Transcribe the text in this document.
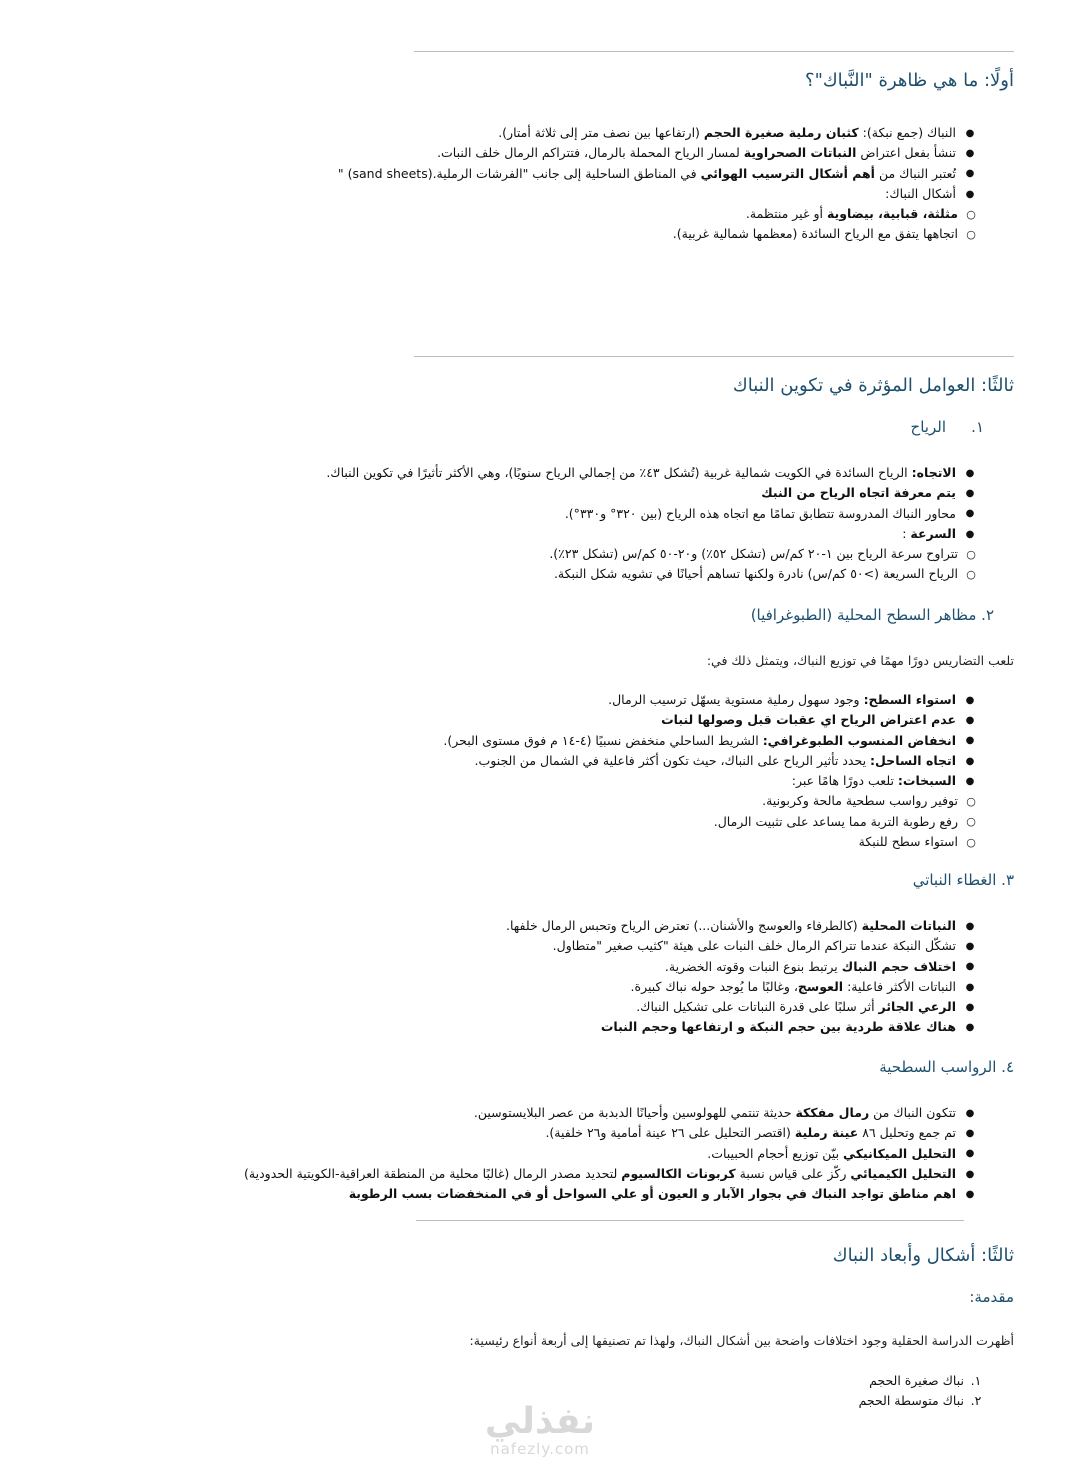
أولًا: ما هي ظاهرة "النَّباك"؟
●النباك (جمع نبكة): كثبان رملية صغيرة الحجم (ارتفاعها بين نصف متر إلى ثلاثة أمتار).
●تنشأ بفعل اعتراض النباتات الصحراوية لمسار الرياح المحملة بالرمال، فتتراكم الرمال خلف النبات.
●تُعتبر النباك من أهم أشكال الترسيب الهوائي في المناطق الساحلية إلى جانب "الفرشات الرملية.(sand sheets) "
●أشكال النباك:
○مثلثة، قبابية، بيضاوية أو غير منتظمة.
○اتجاهها يتفق مع الرياح السائدة (معظمها شمالية غربية).
ثالثًا: العوامل المؤثرة في تكوين النباك
١.الرياح
●الاتجاه: الرياح السائدة في الكويت شمالية غربية (تُشكل ٤٣٪ من إجمالي الرياح سنويًا)، وهي الأكثر تأثيرًا في تكوين النباك.
●يتم معرفة اتجاه الرياح من النبك
●محاور النباك المدروسة تتطابق تمامًا مع اتجاه هذه الرياح (بين ٣٢٠° و٣٣٠°).
●السرعة :
○تتراوح سرعة الرياح بين ١-٢٠ كم/س (تشكل ٥٢٪) و٢٠-٥٠ كم/س (تشكل ٢٣٪).
○الرياح السريعة (>٥٠ كم/س) نادرة ولكنها تساهم أحيانًا في تشويه شكل النبكة.
٢. مظاهر السطح المحلية (الطبوغرافيا)

تلعب التضاريس دورًا مهمًا في توزيع النباك، ويتمثل ذلك في:

●استواء السطح: وجود سهول رملية مستوية يسهّل ترسيب الرمال.
●عدم اعتراض الرياح اي عقبات قبل وصولها لنبات
●انخفاض المنسوب الطبوغرافي: الشريط الساحلي منخفض نسبيًا (٤-١٤ م فوق مستوى البحر).
●اتجاه الساحل: يحدد تأثير الرياح على النباك، حيث تكون أكثر فاعلية في الشمال من الجنوب.
●السبخات: تلعب دورًا هامًا عبر:
○توفير رواسب سطحية مالحة وكربونية.
○رفع رطوبة التربة مما يساعد على تثبيت الرمال.
○استواء سطح للنبكة
٣. الغطاء النباتي
●النباتات المحلية (كالطرفاء والعوسج والأشنان...) تعترض الرياح وتحبس الرمال خلفها.
●تشكّل النبكة عندما تتراكم الرمال خلف النبات على هيئة "كثيب صغير "متطاول.
●اختلاف حجم النباك يرتبط بنوع النبات وقوته الخضرية.
●النباتات الأكثر فاعلية: العوسج، وغالبًا ما يُوجد حوله نباك كبيرة.
●الرعي الجائر أثر سلبًا على قدرة النباتات على تشكيل النباك.
●هناك علاقة طردية بين حجم النبكة و ارتفاعها وحجم النبات
٤. الرواسب السطحية
●تتكون النباك من رمال مفككة حديثة تنتمي للهولوسين وأحيانًا الدبدبة من عصر البلايستوسين.
●تم جمع وتحليل ٨٦ عينة رملية (اقتصر التحليل على ٢٦ عينة أمامية و٢٦ خلفية).
●التحليل الميكانيكي بيّن توزيع أحجام الحبيبات.
●التحليل الكيميائي ركّز على قياس نسبة كربونات الكالسيوم لتحديد مصدر الرمال (غالبًا محلية من المنطقة العراقية-الكويتية الحدودية)
●اهم مناطق تواجد النباك في بجوار الآبار و العيون أو علي السواحل أو في المنخفضات بسب الرطوبة
ثالثًا: أشكال وأبعاد النباك
مقدمة:

أظهرت الدراسة الحقلية وجود اختلافات واضحة بين أشكال النباك، ولهذا تم تصنيفها إلى أربعة أنواع رئيسية:

١.نباك صغيرة الحجم
٢.نباك متوسطة الحجم
نفذلي
nafezly.com
